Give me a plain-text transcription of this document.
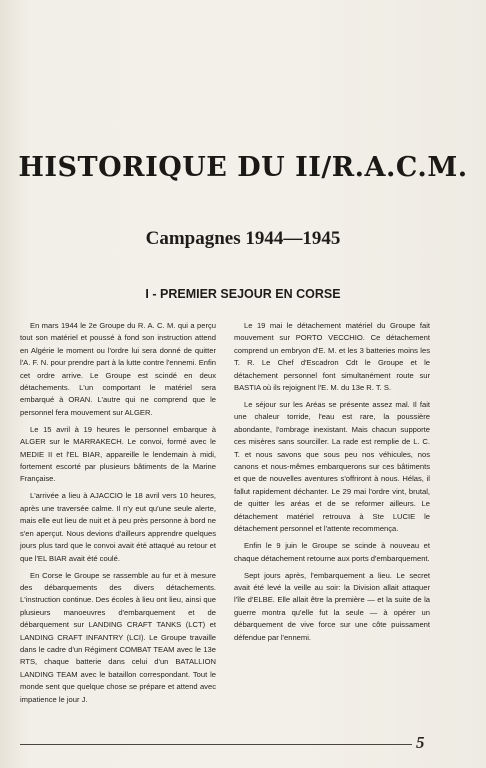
HISTORIQUE DU II/R.A.C.M.
Campagnes 1944—1945
I - PREMIER SEJOUR EN CORSE

En mars 1944 le 2e Groupe du R. A. C. M. qui a perçu tout son matériel et poussé à fond son instruction attend en Algérie le moment ou l'ordre lui sera donné de quitter l'A. F. N. pour prendre part à la lutte contre l'ennemi. Enfin cet ordre arrive. Le Groupe est scindé en deux détachements. L'un comportant le matériel sera embarqué à ORAN. L'autre qui ne comprend que le personnel fera mouvement sur ALGER.

Le 15 avril à 19 heures le personnel embarque à ALGER sur le MARRAKECH. Le convoi, formé avec le MEDIE II et l'EL BIAR, appareille le lendemain à midi, fortement escorté par plusieurs bâtiments de la Marine Française.

L'arrivée a lieu à AJACCIO le 18 avril vers 10 heures, après une traversée calme. Il n'y eut qu'une seule alerte, mais elle eut lieu de nuit et à peu près personne à bord ne s'en aperçut. Nous devions d'ailleurs apprendre quelques jours plus tard que le convoi avait été attaqué au retour et que l'EL BIAR avait été coulé.

En Corse le Groupe se rassemble au fur et à mesure des débarquements des divers détachements. L'instruction continue. Des écoles à lieu ont lieu, ainsi que plusieurs manoeuvres d'embarquement et de débarquement sur LANDING CRAFT TANKS (LCT) et LANDING CRAFT INFANTRY (LCI). Le Groupe travaille dans le cadre d'un Régiment COMBAT TEAM avec le 13e RTS, chaque batterie dans celui d'un BATALLION LANDING TEAM avec le bataillon correspondant. Tout le monde sent que quelque chose se prépare et attend avec impatience le jour J.

Le 19 mai le détachement matériel du Groupe fait mouvement sur PORTO VECCHIO. Ce détachement comprend un embryon d'E. M. et les 3 batteries moins les T. R. Le Chef d'Escadron Cdt le Groupe et le détachement personnel font simultanément route sur BASTIA où ils rejoignent l'E. M. du 13e R. T. S.

Le séjour sur les Aréas se présente assez mal. Il fait une chaleur torride, l'eau est rare, la poussière abondante, l'ombrage inexistant. Mais chacun supporte ces misères sans sourciller. La rade est remplie de L. C. T. et nous savons que sous peu nos véhicules, nos canons et nous-mêmes embarquerons sur ces bâtiments et que de nouvelles aventures s'offriront à nous. Hélas, il fallut rapidement déchanter. Le 29 mai l'ordre vint, brutal, de quitter les aréas et de se reformer ailleurs. Le détachement matériel retrouva à Ste LUCIE le détachement personnel et l'attente recommença.

Enfin le 9 juin le Groupe se scinde à nouveau et chaque détachement retourne aux ports d'embarquement.

Sept jours après, l'embarquement a lieu. Le secret avait été levé la veille au soir: la Division allait attaquer l'île d'ELBE. Elle allait être la première — et la suite de la guerre montra qu'elle fut la seule — à opérer un débarquement de vive force sur une côte puissament défendue par l'ennemi.

5
